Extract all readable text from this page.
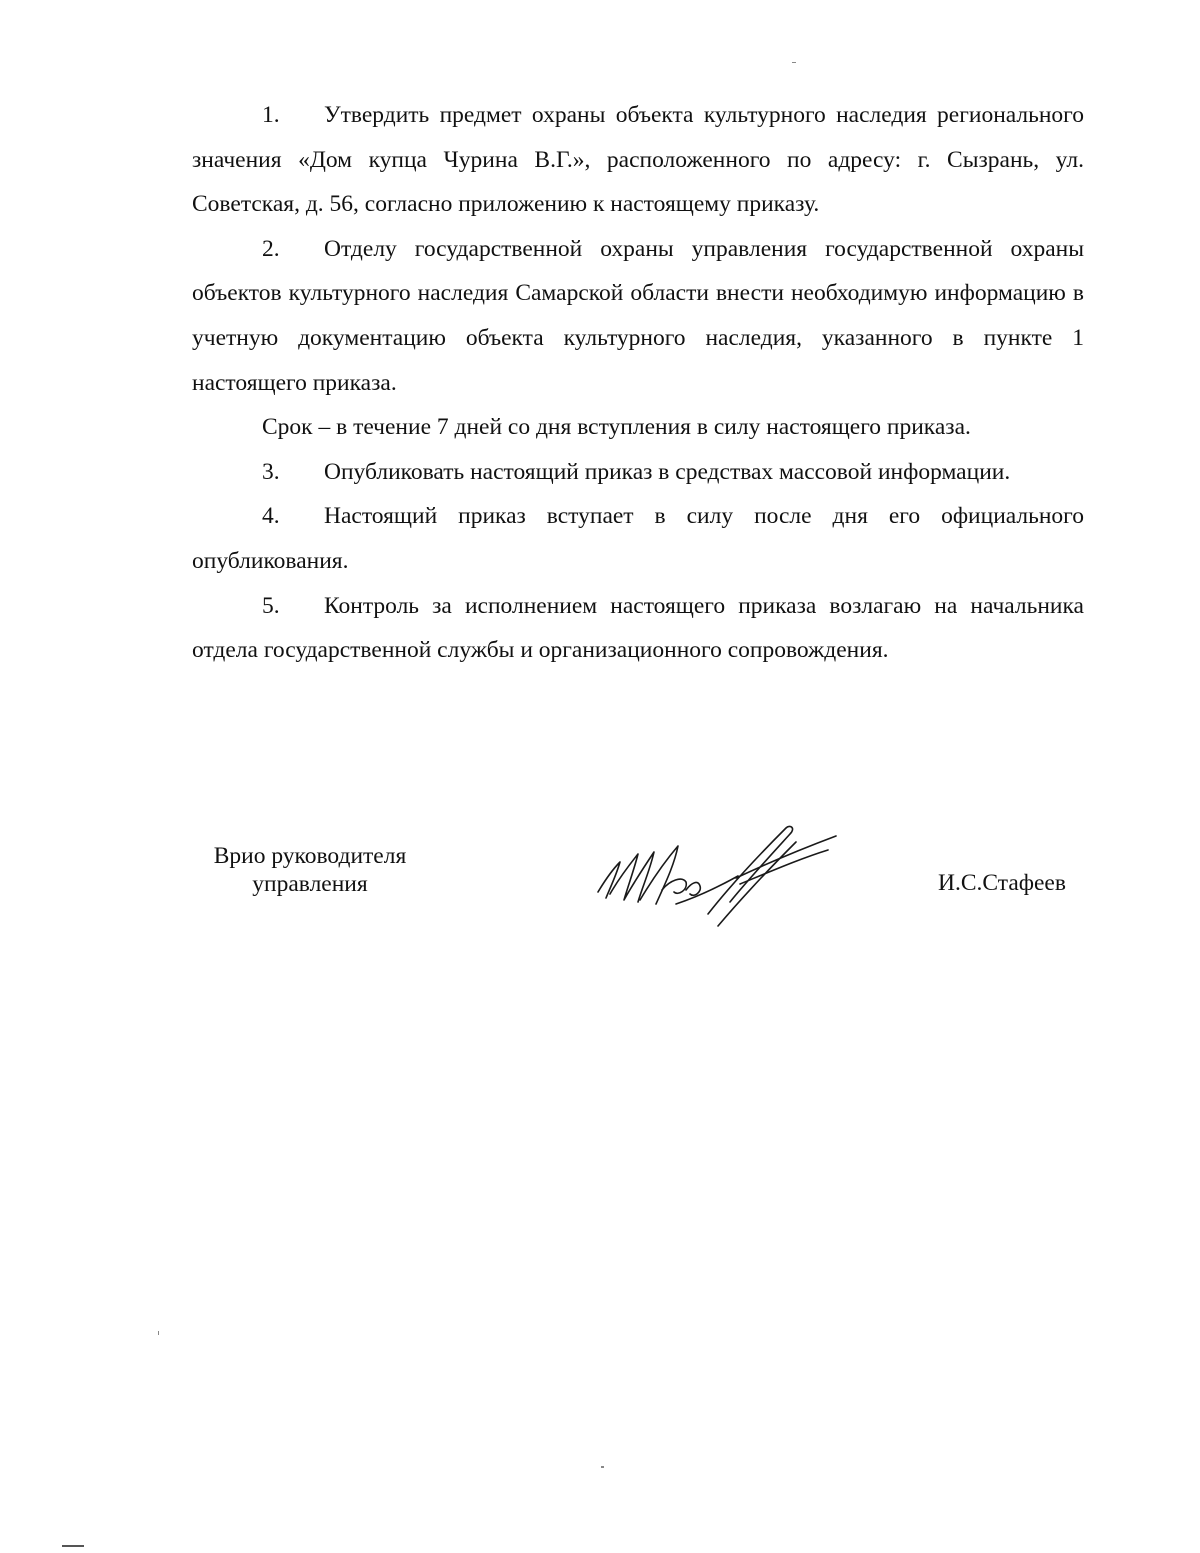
1. Утвердить предмет охраны объекта культурного наследия регионального значения «Дом купца Чурина В.Г.», расположенного по адресу: г. Сызрань, ул. Советская, д. 56, согласно приложению к настоящему приказу.

2. Отделу государственной охраны управления государственной охраны объектов культурного наследия Самарской области внести необходимую информацию в учетную документацию объекта культурного наследия, указанного в пункте 1 настоящего приказа.

Срок – в течение 7 дней со дня вступления в силу настоящего приказа.

3. Опубликовать настоящий приказ в средствах массовой информации.

4. Настоящий приказ вступает в силу после дня его официального опубликования.

5. Контроль за исполнением настоящего приказа возлагаю на начальника отдела государственной службы и организационного сопровождения.

Врио руководителя
управления	И.С.Стафеев
